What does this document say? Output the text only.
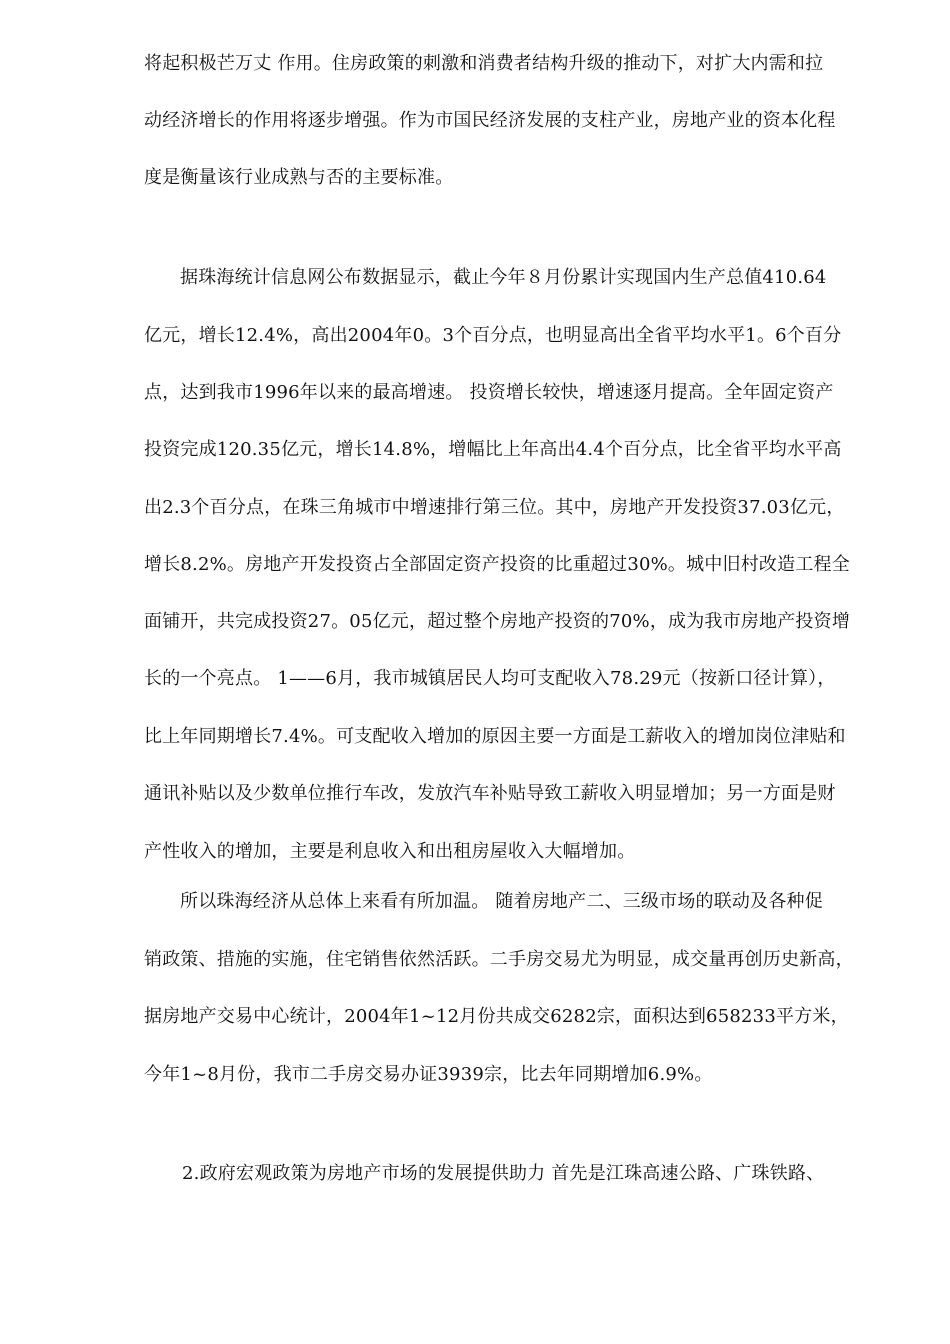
将起积极芒万丈 作用。住房政策的刺激和消费者结构升级的推动下，对扩大内需和拉
动经济增长的作用将逐步增强。作为市国民经济发展的支柱产业，房地产业的资本化程
度是衡量该行业成熟与否的主要标准。
据珠海统计信息网公布数据显示，截止今年８月份累计实现国内生产总值410.64
亿元，增长12.4%，高出2004年0。3个百分点，也明显高出全省平均水平1。6个百分
点，达到我市1996年以来的最高增速。 投资增长较快，增速逐月提高。全年固定资产
投资完成120.35亿元，增长14.8%，增幅比上年高出4.4个百分点，比全省平均水平高
出2.3个百分点，在珠三角城市中增速排行第三位。其中，房地产开发投资37.03亿元，
增长8.2%。房地产开发投资占全部固定资产投资的比重超过30%。城中旧村改造工程全
面铺开，共完成投资27。05亿元，超过整个房地产投资的70%，成为我市房地产投资增
长的一个亮点。 1——6月，我市城镇居民人均可支配收入78.29元（按新口径计算），
比上年同期增长7.4%。可支配收入增加的原因主要一方面是工薪收入的增加岗位津贴和
通讯补贴以及少数单位推行车改，发放汽车补贴导致工薪收入明显增加；另一方面是财
产性收入的增加，主要是利息收入和出租房屋收入大幅增加。
所以珠海经济从总体上来看有所加温。 随着房地产二、三级市场的联动及各种促
销政策、措施的实施，住宅销售依然活跃。二手房交易尤为明显，成交量再创历史新高，
据房地产交易中心统计，2004年1~12月份共成交6282宗，面积达到658233平方米，
今年1~8月份，我市二手房交易办证3939宗，比去年同期增加6.9%。
2.政府宏观政策为房地产市场的发展提供助力 首先是江珠高速公路、广珠铁路、
